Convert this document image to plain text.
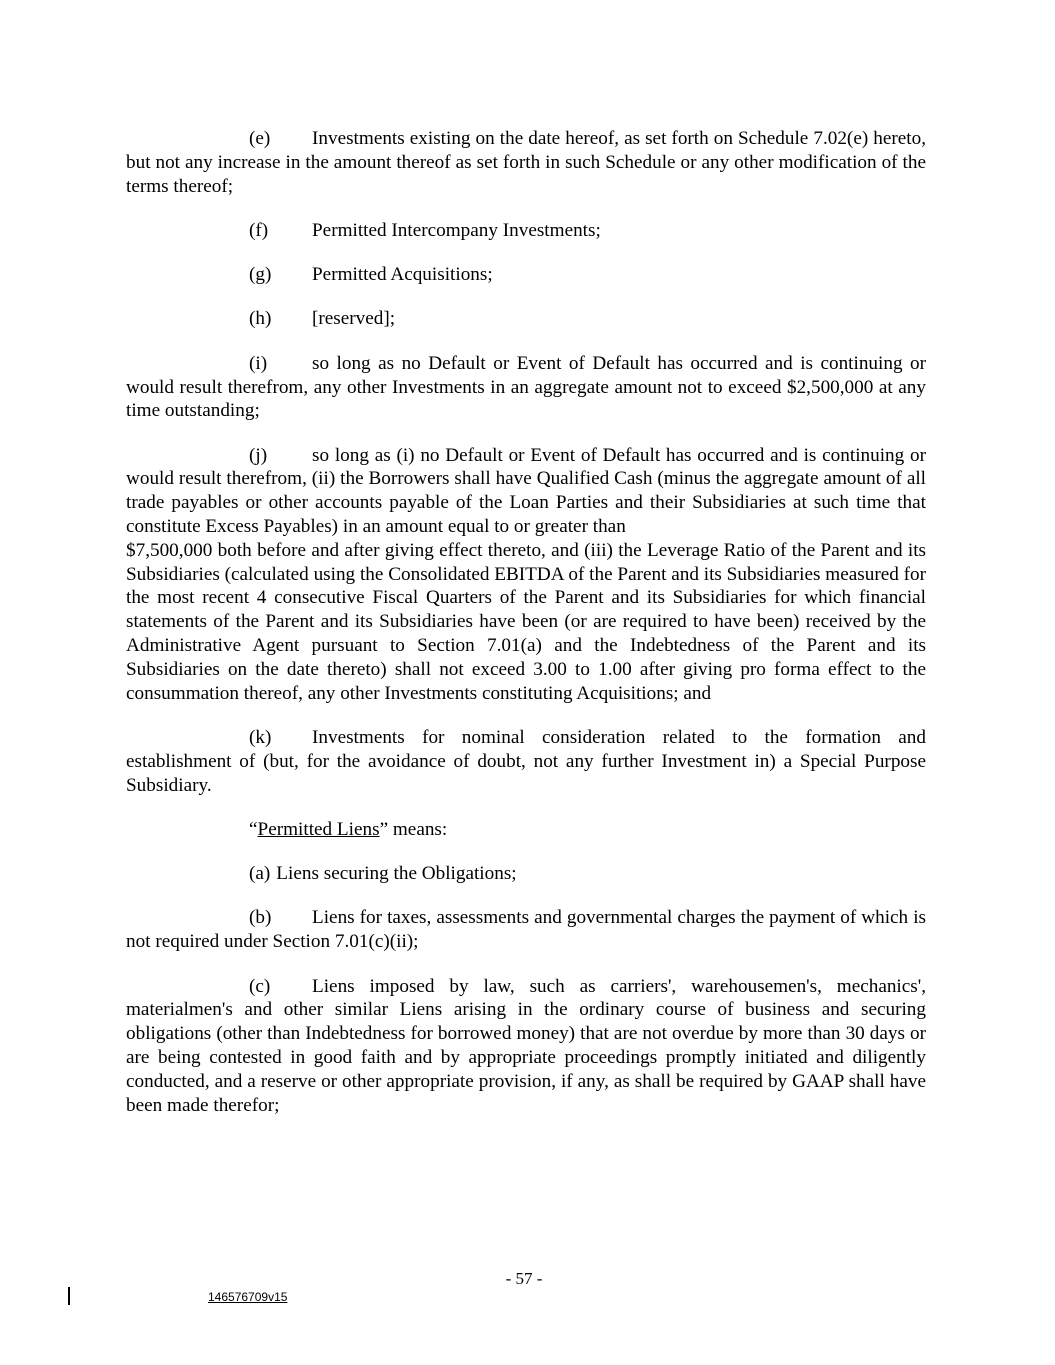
(e) Investments existing on the date hereof, as set forth on Schedule 7.02(e) hereto, but not any increase in the amount thereof as set forth in such Schedule or any other modification of the terms thereof;

(f) Permitted Intercompany Investments;

(g) Permitted Acquisitions;

(h) [reserved];

(i) so long as no Default or Event of Default has occurred and is continuing or would result therefrom, any other Investments in an aggregate amount not to exceed $2,500,000 at any time outstanding;

(j) so long as (i) no Default or Event of Default has occurred and is continuing or would result therefrom, (ii) the Borrowers shall have Qualified Cash (minus the aggregate amount of all trade payables or other accounts payable of the Loan Parties and their Subsidiaries at such time that constitute Excess Payables) in an amount equal to or greater than
$7,500,000 both before and after giving effect thereto, and (iii) the Leverage Ratio of the Parent and its Subsidiaries (calculated using the Consolidated EBITDA of the Parent and its Subsidiaries measured for the most recent 4 consecutive Fiscal Quarters of the Parent and its Subsidiaries for which financial statements of the Parent and its Subsidiaries have been (or are required to have been) received by the Administrative Agent pursuant to Section 7.01(a) and the Indebtedness of the Parent and its Subsidiaries on the date thereto) shall not exceed 3.00 to 1.00 after giving pro forma effect to the consummation thereof, any other Investments constituting Acquisitions; and

(k) Investments for nominal consideration related to the formation and establishment of (but, for the avoidance of doubt, not any further Investment in) a Special Purpose Subsidiary.

“Permitted Liens” means:

(a) Liens securing the Obligations;

(b) Liens for taxes, assessments and governmental charges the payment of which is not required under Section 7.01(c)(ii);

(c) Liens imposed by law, such as carriers', warehousemen's, mechanics', materialmen's and other similar Liens arising in the ordinary course of business and securing obligations (other than Indebtedness for borrowed money) that are not overdue by more than 30 days or are being contested in good faith and by appropriate proceedings promptly initiated and diligently conducted, and a reserve or other appropriate provision, if any, as shall be required by GAAP shall have been made therefor;

- 57 -
146576709v15
